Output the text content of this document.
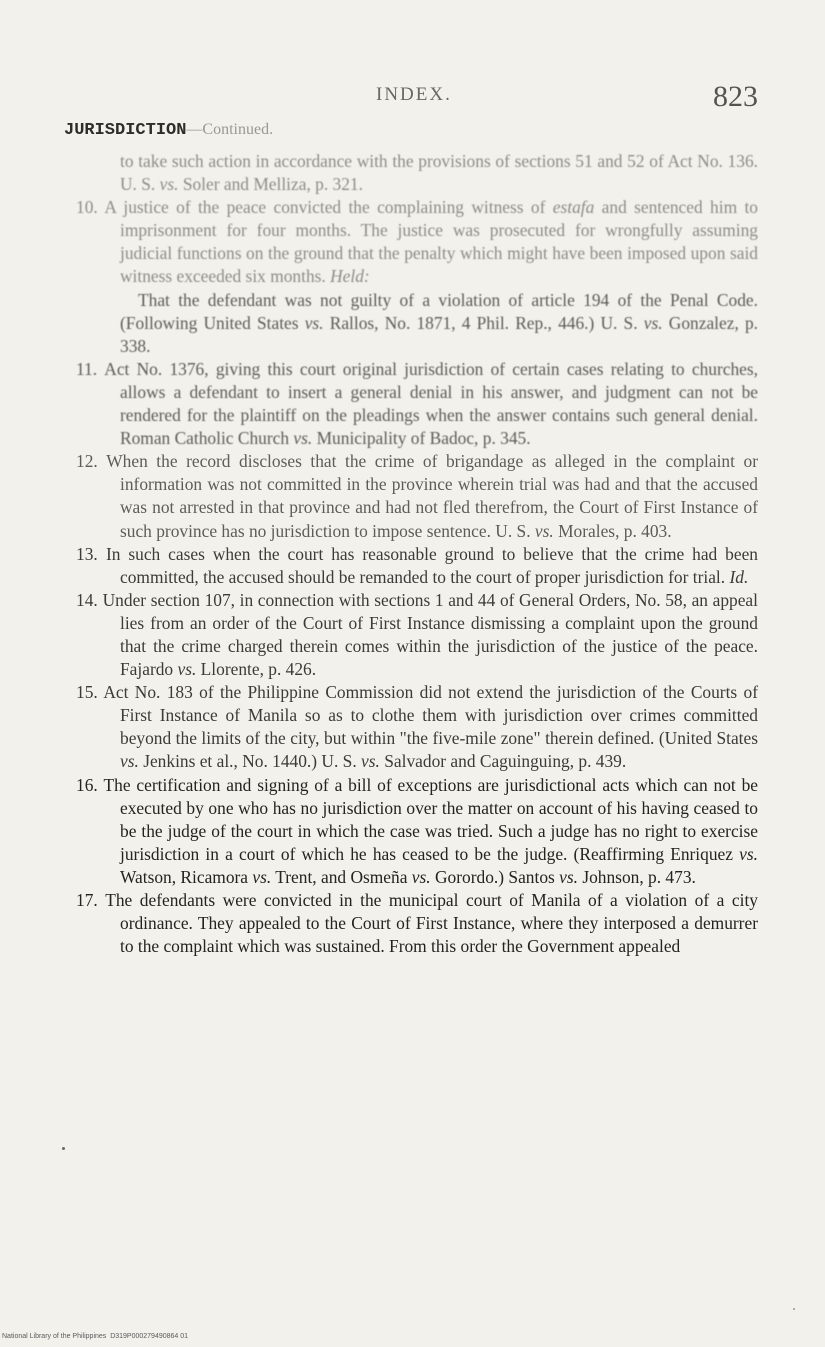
INDEX.	823
JURISDICTION—Continued.

to take such action in accordance with the provisions of sections 51 and 52 of Act No. 136. U. S. vs. Soler and Melliza, p. 321.

10. A justice of the peace convicted the complaining witness of estafa and sentenced him to imprisonment for four months. The justice was prosecuted for wrongfully assuming judicial functions on the ground that the penalty which might have been imposed upon said witness exceeded six months. Held:

That the defendant was not guilty of a violation of article 194 of the Penal Code. (Following United States vs. Rallos, No. 1871, 4 Phil. Rep., 446.) U. S. vs. Gonzalez, p. 338.

11. Act No. 1376, giving this court original jurisdiction of certain cases relating to churches, allows a defendant to insert a general denial in his answer, and judgment can not be rendered for the plaintiff on the pleadings when the answer contains such general denial. Roman Catholic Church vs. Municipality of Badoc, p. 345.

12. When the record discloses that the crime of brigandage as alleged in the complaint or information was not committed in the province wherein trial was had and that the accused was not arrested in that province and had not fled therefrom, the Court of First Instance of such province has no jurisdiction to impose sentence. U. S. vs. Morales, p. 403.

13. In such cases when the court has reasonable ground to believe that the crime had been committed, the accused should be remanded to the court of proper jurisdiction for trial. Id.

14. Under section 107, in connection with sections 1 and 44 of General Orders, No. 58, an appeal lies from an order of the Court of First Instance dismissing a complaint upon the ground that the crime charged therein comes within the jurisdiction of the justice of the peace. Fajardo vs. Llorente, p. 426.

15. Act No. 183 of the Philippine Commission did not extend the jurisdiction of the Courts of First Instance of Manila so as to clothe them with jurisdiction over crimes committed beyond the limits of the city, but within "the five-mile zone" therein defined. (United States vs. Jenkins et al., No. 1440.) U. S. vs. Salvador and Caguinguing, p. 439.

16. The certification and signing of a bill of exceptions are jurisdictional acts which can not be executed by one who has no jurisdiction over the matter on account of his having ceased to be the judge of the court in which the case was tried. Such a judge has no right to exercise jurisdiction in a court of which he has ceased to be the judge. (Reaffirming Enriquez vs. Watson, Ricamora vs. Trent, and Osmeña vs. Gorordo.) Santos vs. Johnson, p. 473.

17. The defendants were convicted in the municipal court of Manila of a violation of a city ordinance. They appealed to the Court of First Instance, where they interposed a demurrer to the complaint which was sustained. From this order the Government appealed

National Library of the Philippines D319P000279490864 01
